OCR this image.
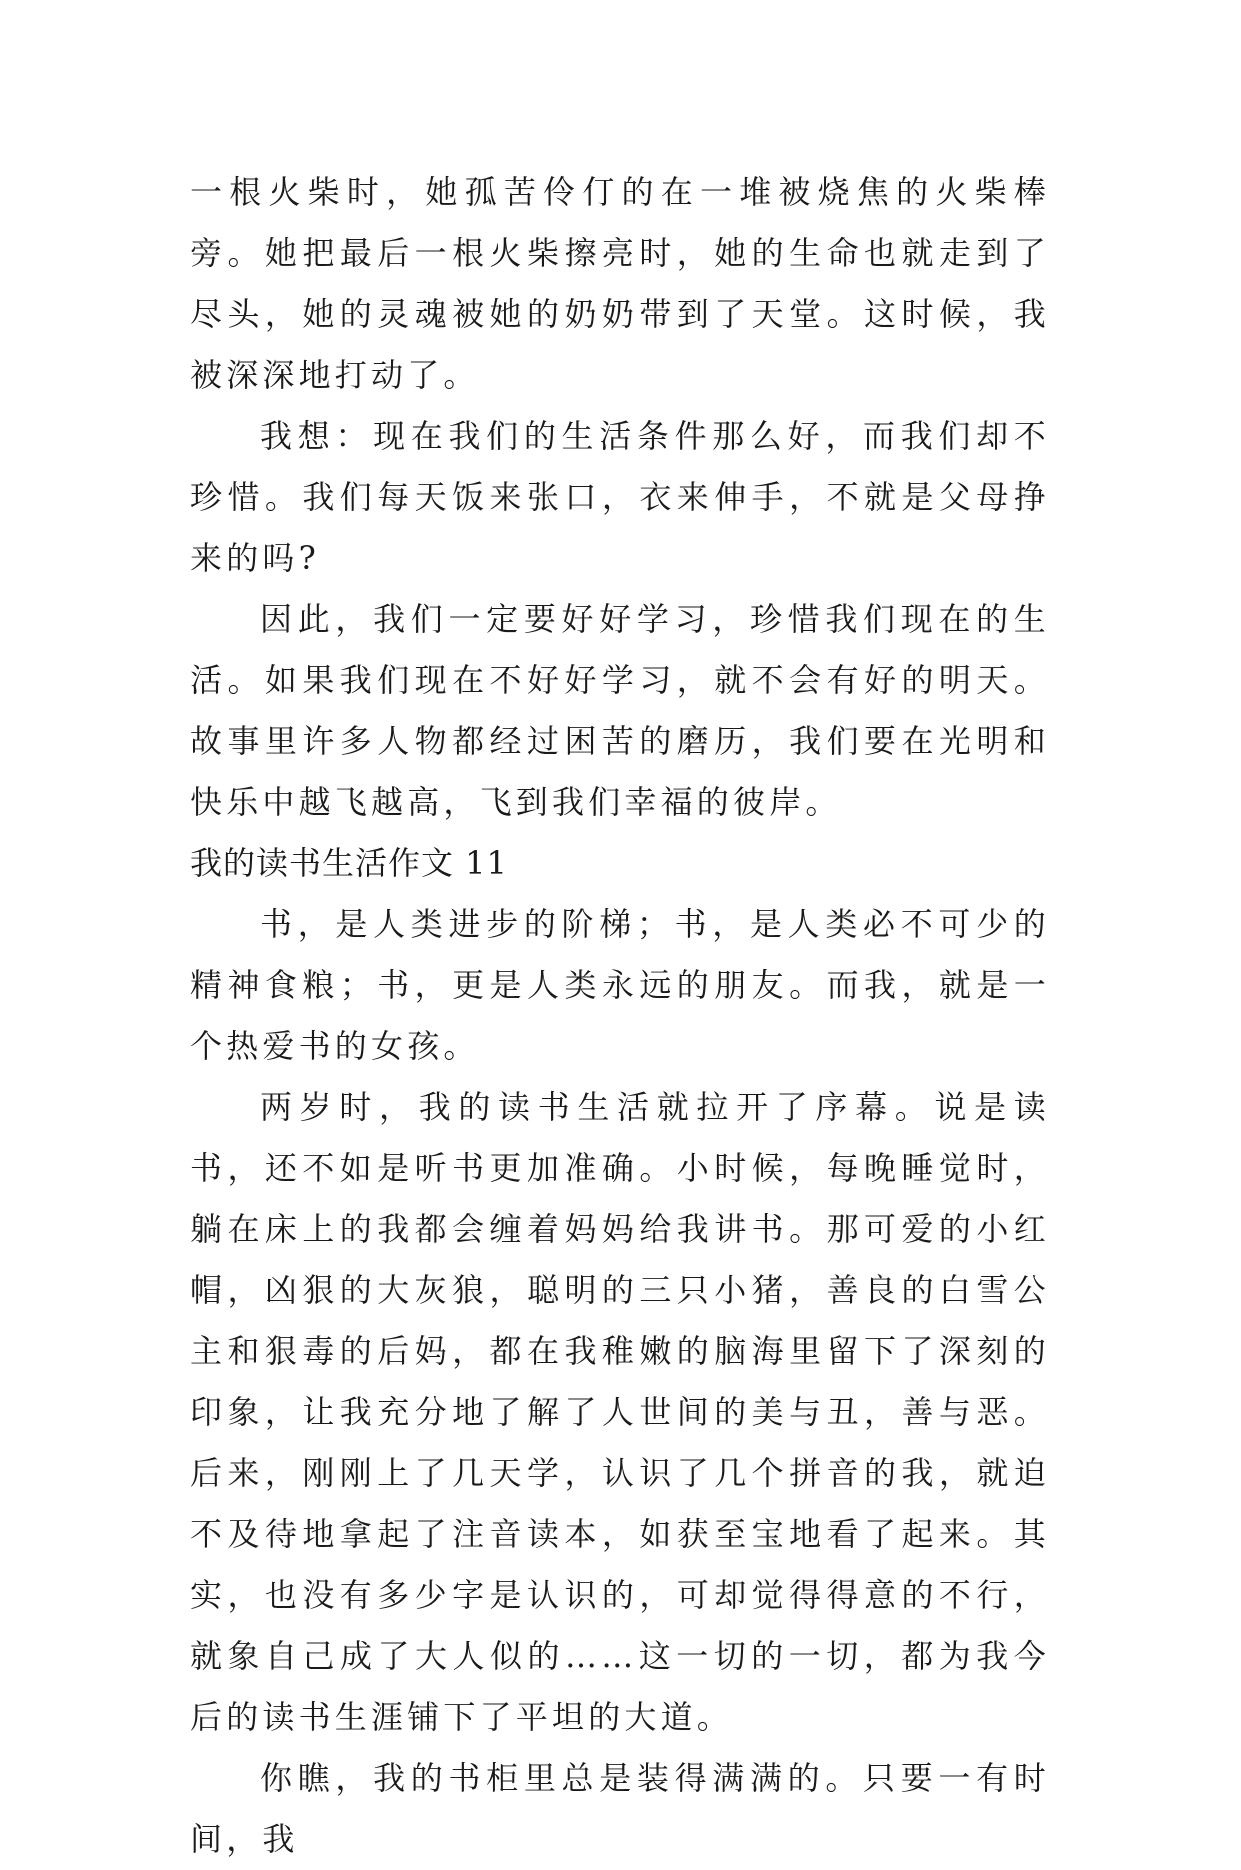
一根火柴时，她孤苦伶仃的在一堆被烧焦的火柴棒旁。她把最后一根火柴擦亮时，她的生命也就走到了尽头，她的灵魂被她的奶奶带到了天堂。这时候，我被深深地打动了。

我想：现在我们的生活条件那么好，而我们却不珍惜。我们每天饭来张口，衣来伸手，不就是父母挣来的吗?

因此，我们一定要好好学习，珍惜我们现在的生活。如果我们现在不好好学习，就不会有好的明天。故事里许多人物都经过困苦的磨历，我们要在光明和快乐中越飞越高，飞到我们幸福的彼岸。

我的读书生活作文 11

书，是人类进步的阶梯；书，是人类必不可少的精神食粮；书，更是人类永远的朋友。而我，就是一个热爱书的女孩。

两岁时，我的读书生活就拉开了序幕。说是读书，还不如是听书更加准确。小时候，每晚睡觉时，躺在床上的我都会缠着妈妈给我讲书。那可爱的小红帽，凶狠的大灰狼，聪明的三只小猪，善良的白雪公主和狠毒的后妈，都在我稚嫩的脑海里留下了深刻的印象，让我充分地了解了人世间的美与丑，善与恶。后来，刚刚上了几天学，认识了几个拼音的我，就迫不及待地拿起了注音读本，如获至宝地看了起来。其实，也没有多少字是认识的，可却觉得得意的不行，就象自己成了大人似的……这一切的一切，都为我今后的读书生涯铺下了平坦的大道。

你瞧，我的书柜里总是装得满满的。只要一有时间，我
